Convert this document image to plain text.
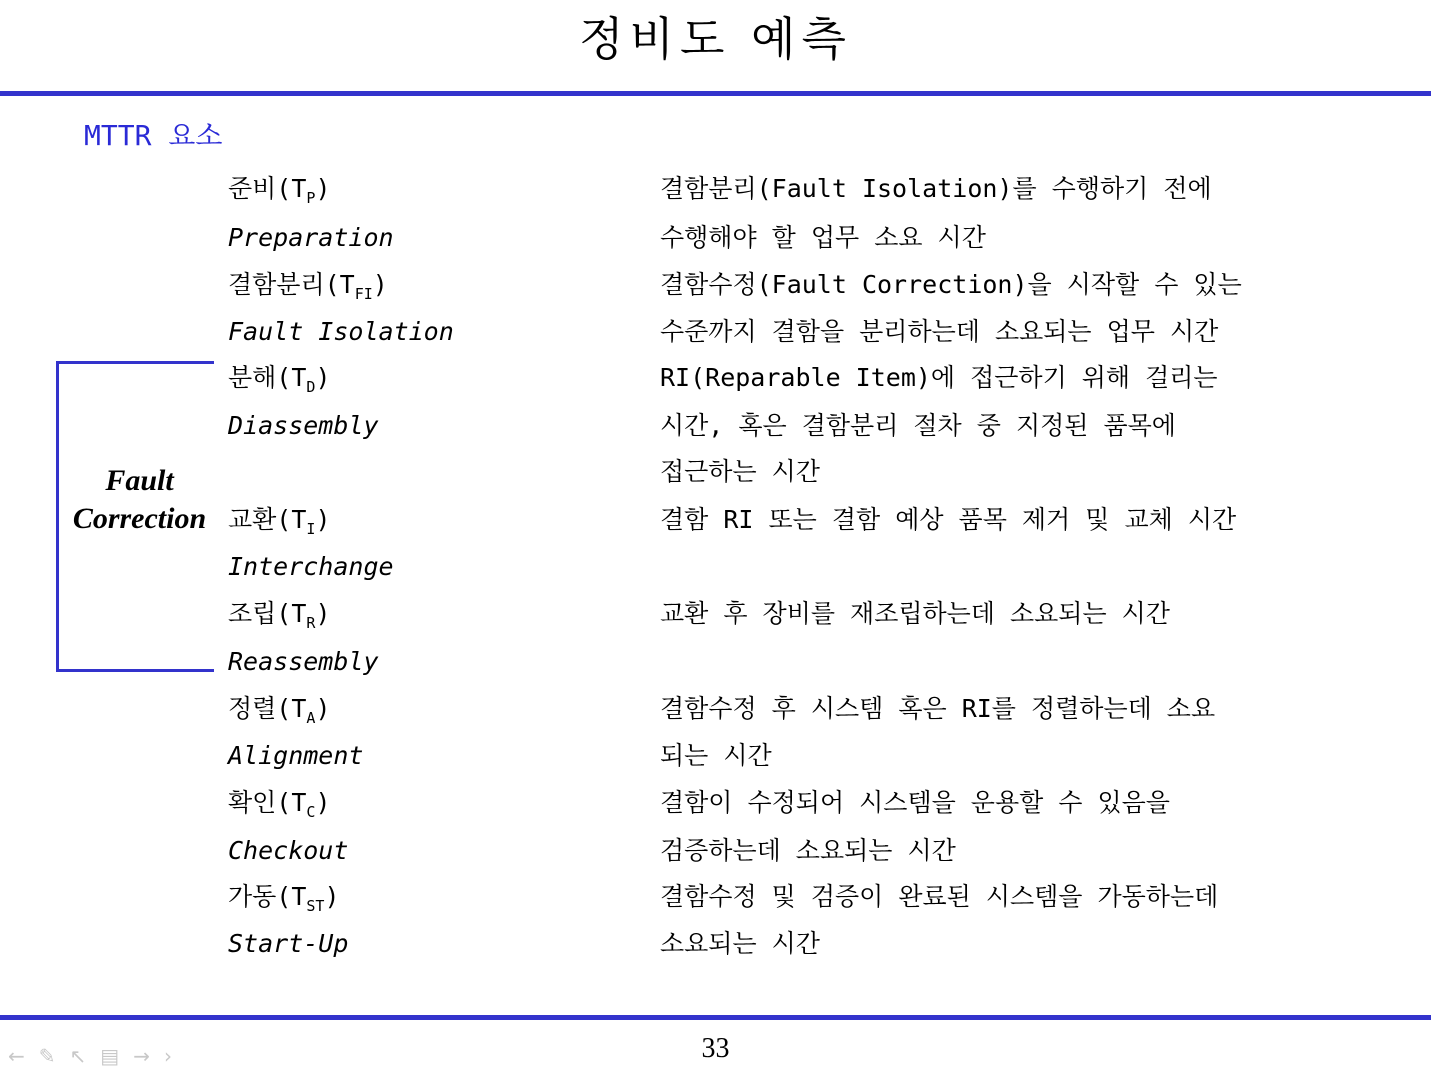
정비도 예측
MTTR 요소
준비$(T_P)$
Preparation
결함분리(Fault Isolation)를 수행하기 전에
수행해야 할 업무 소요 시간
결함분리$(T_{FI})$
Fault Isolation
결함수정(Fault Correction)을 시작할 수 있는
수준까지 결함을 분리하는데 소요되는 업무 시간
Fault
Correction
분해$(T_D)$
Diassembly
RI(Reparable Item)에 접근하기 위해 걸리는
시간, 혹은 결함분리 절차 중 지정된 품목에
접근하는 시간
교환$(T_I)$
Interchange
결함 RI 또는 결함 예상 품목 제거 및 교체 시간
조립$(T_R)$
Reassembly
교환 후 장비를 재조립하는데 소요되는 시간
정렬$(T_A)$
Alignment
결함수정 후 시스템 혹은 RI를 정렬하는데 소요
되는 시간
확인$(T_C)$
Checkout
결함이 수정되어 시스템을 운용할 수 있음을
검증하는데 소요되는 시간
가동$(T_{ST})$
Start-Up
결함수정 및 검증이 완료된 시스템을 가동하는데
소요되는 시간
33
← ✎ ↖ ▤ → ›
